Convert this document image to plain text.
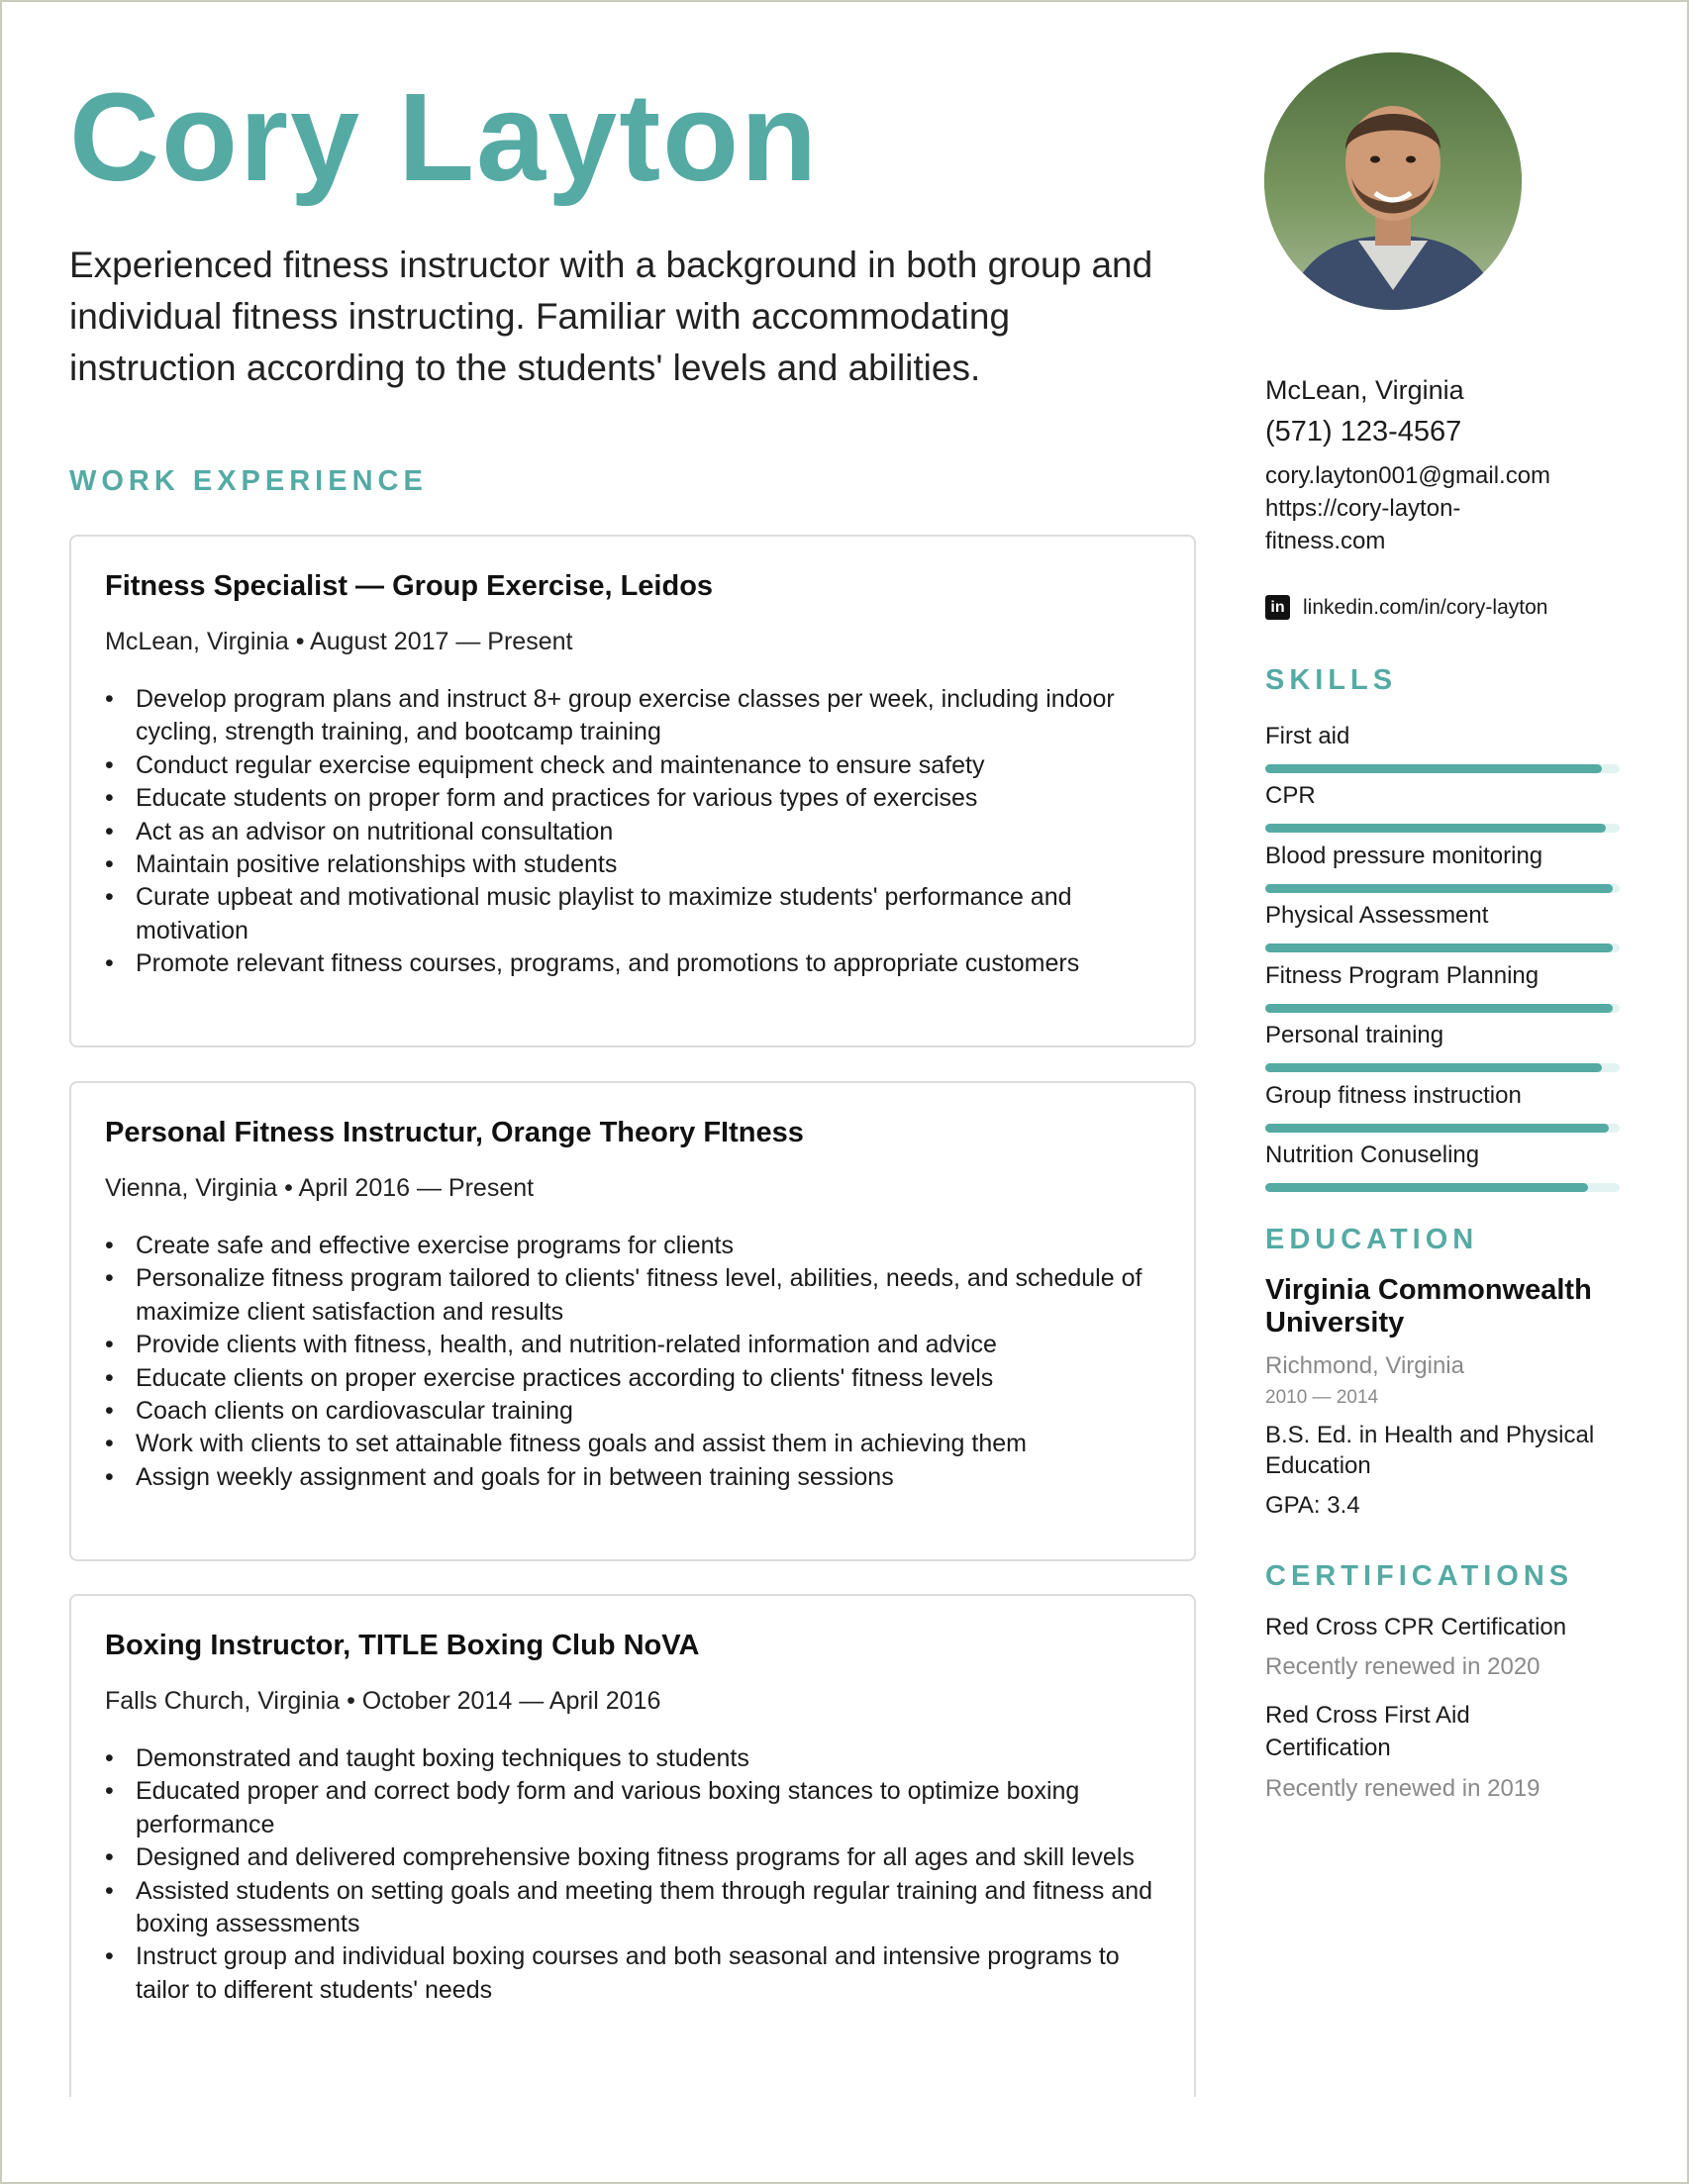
Cory Layton
Experienced fitness instructor with a background in both group and individual fitness instructing. Familiar with accommodating instruction according to the students' levels and abilities.
WORK EXPERIENCE
Fitness Specialist — Group Exercise, Leidos
McLean, Virginia • August 2017 — Present
• Develop program plans and instruct 8+ group exercise classes per week, including indoor cycling, strength training, and bootcamp training
• Conduct regular exercise equipment check and maintenance to ensure safety
• Educate students on proper form and practices for various types of exercises
• Act as an advisor on nutritional consultation
• Maintain positive relationships with students
• Curate upbeat and motivational music playlist to maximize students' performance and motivation
• Promote relevant fitness courses, programs, and promotions to appropriate customers
Personal Fitness Instructur, Orange Theory FItness
Vienna, Virginia • April 2016 — Present
• Create safe and effective exercise programs for clients
• Personalize fitness program tailored to clients' fitness level, abilities, needs, and schedule of maximize client satisfaction and results
• Provide clients with fitness, health, and nutrition-related information and advice
• Educate clients on proper exercise practices according to clients' fitness levels
• Coach clients on cardiovascular training
• Work with clients to set attainable fitness goals and assist them in achieving them
• Assign weekly assignment and goals for in between training sessions
Boxing Instructor, TITLE Boxing Club NoVA
Falls Church, Virginia • October 2014 — April 2016
• Demonstrated and taught boxing techniques to students
• Educated proper and correct body form and various boxing stances to optimize boxing performance
• Designed and delivered comprehensive boxing fitness programs for all ages and skill levels
• Assisted students on setting goals and meeting them through regular training and fitness and boxing assessments
• Instruct group and individual boxing courses and both seasonal and intensive programs to tailor to different students' needs
McLean, Virginia
(571) 123-4567
cory.layton001@gmail.com
https://cory-layton-
fitness.com
in linkedin.com/in/cory-layton
SKILLS
First aid
CPR
Blood pressure monitoring
Physical Assessment
Fitness Program Planning
Personal training
Group fitness instruction
Nutrition Conuseling
EDUCATION
Virginia Commonwealth
University
Richmond, Virginia
2010 — 2014
B.S. Ed. in Health and Physical
Education
GPA: 3.4
CERTIFICATIONS
Red Cross CPR Certification
Recently renewed in 2020
Red Cross First Aid
Certification
Recently renewed in 2019
